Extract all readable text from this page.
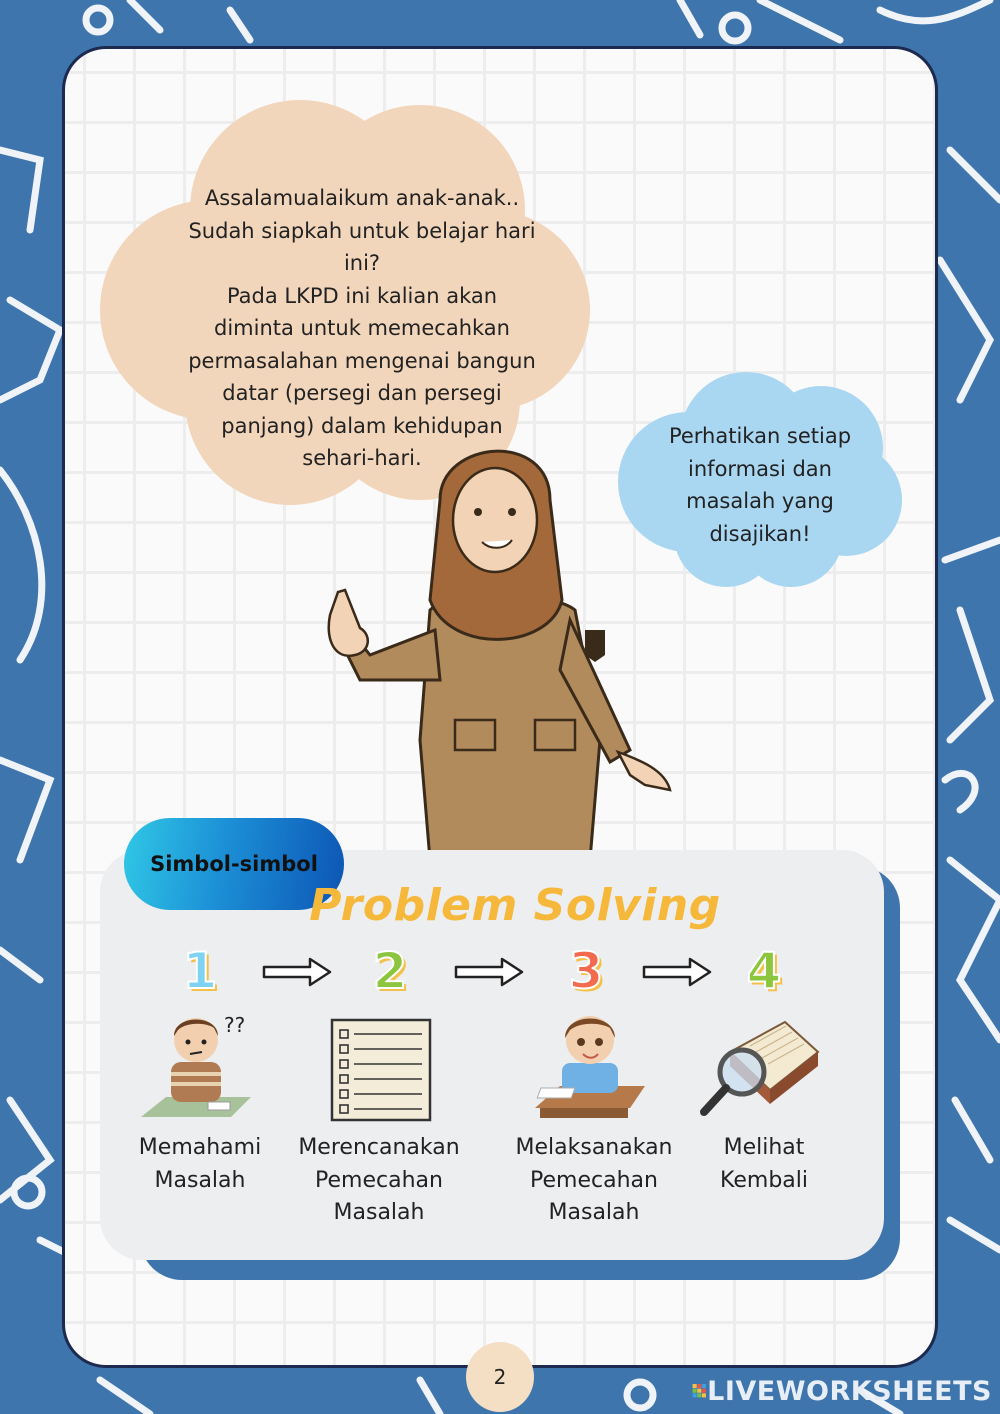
Assalamualaikum anak-anak..
Sudah siapkah untuk belajar hari
ini?
Pada LKPD ini kalian akan
diminta untuk memecahkan
permasalahan mengenai bangun
datar (persegi dan persegi
panjang) dalam kehidupan
sehari-hari.
Perhatikan setiap
informasi dan
masalah yang
disajikan!
Simbol-simbol
Problem Solving
1	2	3	4
??
Memahami
Masalah
Merencanakan
Pemecahan
Masalah
Melaksanakan
Pemecahan
Masalah
Melihat
Kembali
2	LIVEWORKSHEETS
